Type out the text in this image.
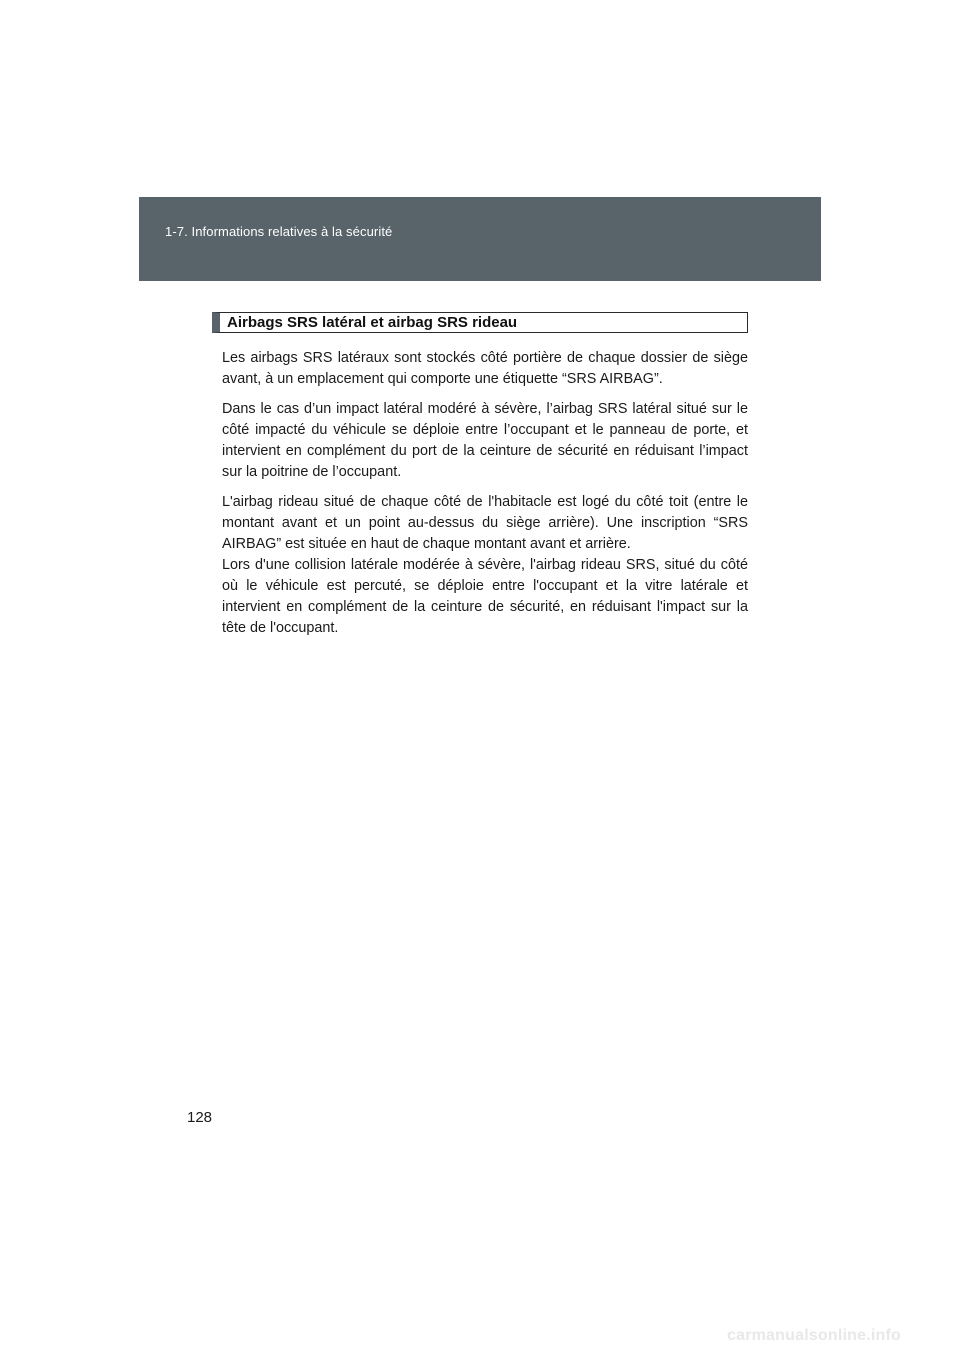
1-7. Informations relatives à la sécurité
Airbags SRS latéral et airbag SRS rideau

Les airbags SRS latéraux sont stockés côté portière de chaque dossier de siège avant, à un emplacement qui comporte une étiquette “SRS AIRBAG”.

Dans le cas d’un impact latéral modéré à sévère, l’airbag SRS latéral situé sur le côté impacté du véhicule se déploie entre l’occupant et le panneau de porte, et intervient en complément du port de la ceinture de sécurité en réduisant l’impact sur la poitrine de l’occupant.

L'airbag rideau situé de chaque côté de l'habitacle est logé du côté toit (entre le montant avant et un point au-dessus du siège arrière). Une inscription “SRS AIRBAG” est située en haut de chaque montant avant et arrière.

Lors d'une collision latérale modérée à sévère, l'airbag rideau SRS, situé du côté où le véhicule est percuté, se déploie entre l'occupant et la vitre latérale et intervient en complément de la ceinture de sécurité, en réduisant l'impact sur la tête de l'occupant.

128
carmanualsonline.info
